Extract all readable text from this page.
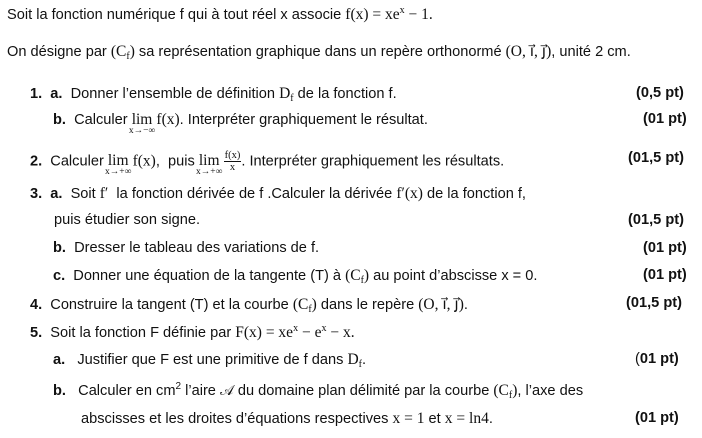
Soit la fonction numérique f qui à tout réel x associe $f(x) = xe^x - 1$.
On désigne par $(C_f)$ sa représentation graphique dans un repère orthonormé (O, i⃗, j⃗), unité 2 cm.
1. a. Donner l’ensemble de définition $D_f$ de la fonction f.	(0,5 pt)
b. Calculer lim
x→−∞
f(x). Interpréter graphiquement le résultat.	(01 pt)
2. Calculer lim
x→+∞
f(x),  puis lim
x→+∞
$\frac{f(x)}{x}$ . Interpréter graphiquement les résultats.	(01,5 pt)
3. a. Soit f′  la fonction dérivée de f .Calculer la dérivée f′(x) de la fonction f,
puis étudier son signe.	(01,5 pt)
b. Dresser le tableau des variations de f.	(01 pt)
c. Donner une équation de la tangente (T) à $(C_f)$ au point d’abscisse x = 0.	(01 pt)
4. Construire la tangent (T) et la courbe $(C_f)$ dans le repère (O, i⃗, j⃗).	(01,5 pt)
5. Soit la fonction F définie par $F(x) = xe^x - e^x - x$.
a. Justifier que F est une primitive de f dans $D_f$.	(01 pt)
b. Calculer en $cm^2$ l’aire 𝒜 du domaine plan délimité par la courbe $(C_f)$, l’axe des
abscisses et les droites d’équations respectives x = 1 et x = ln4.	(01 pt)
